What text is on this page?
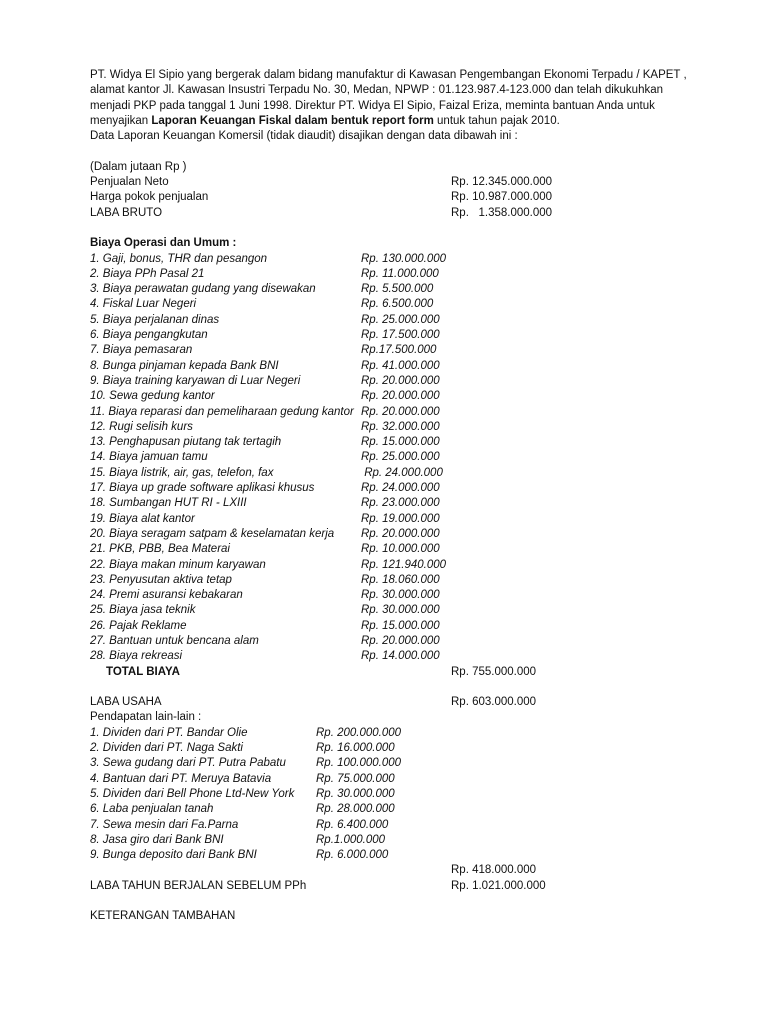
PT. Widya El Sipio yang bergerak dalam bidang manufaktur di Kawasan Pengembangan Ekonomi Terpadu / KAPET ,

alamat kantor Jl. Kawasan Insustri Terpadu No. 30, Medan, NPWP : 01.123.987.4-123.000 dan telah dikukuhkan

menjadi PKP pada tanggal 1 Juni 1998. Direktur PT. Widya El Sipio, Faizal Eriza, meminta bantuan Anda untuk

menyajikan Laporan Keuangan Fiskal dalam bentuk report form untuk tahun pajak 2010.

Data Laporan Keuangan Komersil (tidak diaudit) disajikan dengan data dibawah ini :

(Dalam jutaan Rp )
Penjualan Neto	Rp. 12.345.000.000
Harga pokok penjualan	Rp. 10.987.000.000
LABA BRUTO	Rp.   1.358.000.000
Biaya Operasi dan Umum :
1. Gaji, bonus, THR dan pesangon	Rp. 130.000.000
2. Biaya PPh Pasal 21	Rp. 11.000.000
3. Biaya perawatan gudang yang disewakan	Rp. 5.500.000
4. Fiskal Luar Negeri	Rp. 6.500.000
5. Biaya perjalanan dinas	Rp. 25.000.000
6. Biaya pengangkutan	Rp. 17.500.000
7. Biaya pemasaran	Rp.17.500.000
8. Bunga pinjaman kepada Bank BNI	Rp. 41.000.000
9. Biaya training karyawan di Luar Negeri	Rp. 20.000.000
10. Sewa gedung kantor	Rp. 20.000.000
11. Biaya reparasi dan pemeliharaan gedung kantor Rp. 20.000.000
12. Rugi selisih kurs	Rp. 32.000.000
13. Penghapusan piutang tak tertagih	Rp. 15.000.000
14. Biaya jamuan tamu	Rp. 25.000.000
15. Biaya listrik, air, gas, telefon, fax	Rp. 24.000.000
17. Biaya up grade software aplikasi khusus	Rp. 24.000.000
18. Sumbangan HUT RI - LXIII	Rp. 23.000.000
19. Biaya alat kantor	Rp. 19.000.000
20. Biaya seragam satpam & keselamatan kerja Rp. 20.000.000
21. PKB, PBB, Bea Materai	Rp. 10.000.000
22. Biaya makan minum karyawan	Rp. 121.940.000
23. Penyusutan aktiva tetap	Rp. 18.060.000
24. Premi asuransi kebakaran	Rp. 30.000.000
25. Biaya jasa teknik	Rp. 30.000.000
26. Pajak Reklame	Rp. 15.000.000
27. Bantuan untuk bencana alam	Rp. 20.000.000
28. Biaya rekreasi	Rp. 14.000.000
TOTAL BIAYA	Rp. 755.000.000
LABA USAHA	Rp. 603.000.000
Pendapatan lain-lain :
1. Dividen dari PT. Bandar Olie	Rp. 200.000.000
2. Dividen dari PT. Naga Sakti	Rp. 16.000.000
3. Sewa gudang dari PT. Putra Pabatu	Rp. 100.000.000
4. Bantuan dari PT. Meruya Batavia	Rp. 75.000.000
5. Dividen dari Bell Phone Ltd-New York Rp. 30.000.000
6. Laba penjualan tanah	Rp. 28.000.000
7. Sewa mesin dari Fa.Parna	Rp. 6.400.000
8. Jasa giro dari Bank BNI	Rp.1.000.000
9. Bunga deposito dari Bank BNI	Rp. 6.000.000
Rp. 418.000.000
LABA TAHUN BERJALAN SEBELUM PPh	Rp. 1.021.000.000
KETERANGAN TAMBAHAN
